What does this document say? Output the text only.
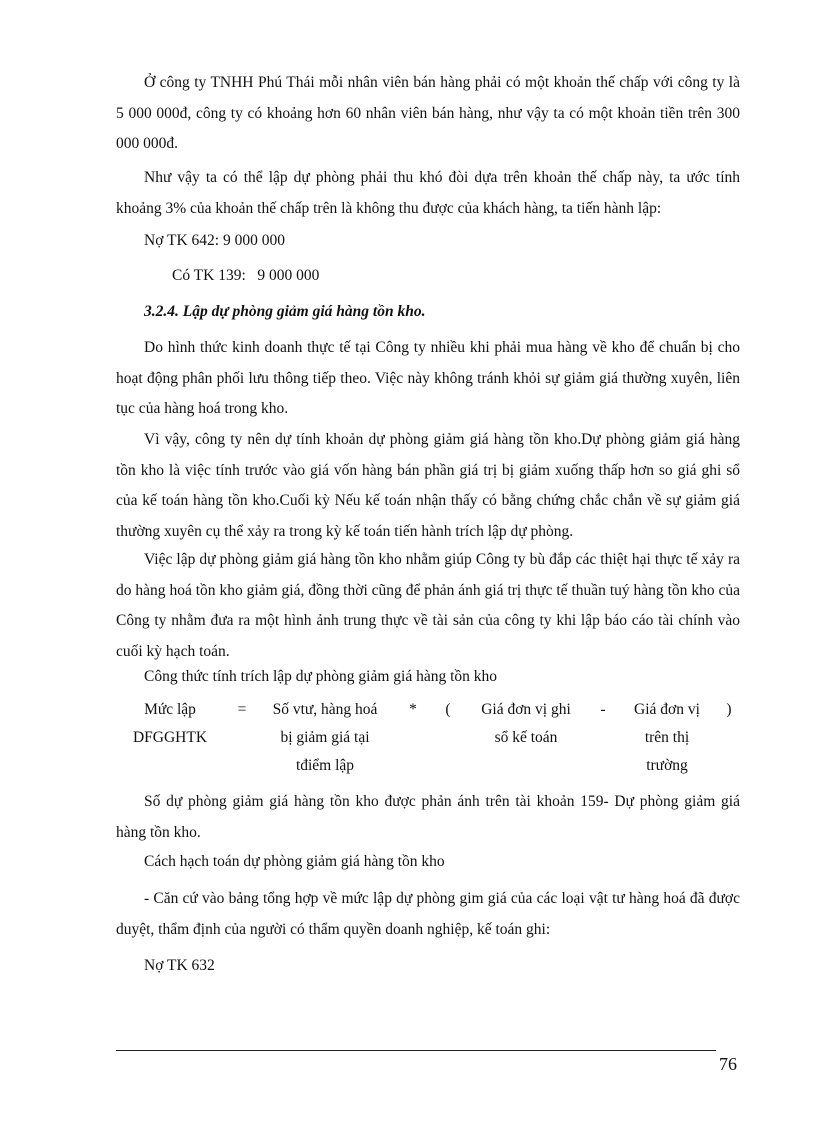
Ở công ty TNHH Phú Thái mỗi nhân viên bán hàng phải có một khoản thế chấp với công ty là 5 000 000đ, công ty có khoảng hơn 60 nhân viên bán hàng, như vậy ta có một khoản tiền trên 300 000 000đ.

Như vậy ta có thể lập dự phòng phải thu khó đòi dựa trên khoản thế chấp này, ta ước tính khoảng 3% của khoản thế chấp trên là không thu được của khách hàng, ta tiến hành lập:

Nợ TK 642: 9 000 000
Có TK 139:   9 000 000
3.2.4. Lập dự phòng giảm giá hàng tồn kho.

Do hình thức kinh doanh thực tế tại Công ty nhiều khi phải mua hàng về kho để chuẩn bị cho hoạt động phân phối lưu thông tiếp theo. Việc này không tránh khỏi sự giảm giá thường xuyên, liên tục của hàng hoá trong kho.

Vì vậy, công ty nên dự tính khoản dự phòng giảm giá hàng tồn kho.Dự phòng giảm giá hàng tồn kho là việc tính trước vào giá vốn hàng bán phần giá trị bị giảm xuống thấp hơn so giá ghi sổ của kế toán hàng tồn kho.Cuối kỳ Nếu kế toán nhận thấy có bằng chứng chắc chắn về sự giảm giá thường xuyên cụ thể xảy ra trong kỳ kế toán tiến hành trích lập dự phòng.

Việc lập dự phòng giảm giá hàng tồn kho nhằm giúp Công ty bù đắp các thiệt hại thực tế xảy ra do hàng hoá tồn kho giảm giá, đồng thời cũng để phản ánh giá trị thực tế thuần tuý hàng tồn kho của Công ty nhằm đưa ra một hình ảnh trung thực về tài sản của công ty khi lập báo cáo tài chính vào cuối kỳ hạch toán.

Công thức tính trích lập dự phòng giảm giá hàng tồn kho
Mức lập
DFGGHTK
=	Số vtư, hàng hoá
bị giảm giá tại
tđiểm lập
* (	Giá đơn vị ghi
sổ kế toán
-	Giá đơn vị
trên thị
trường
)

Số dự phòng giảm giá hàng tồn kho được phản ánh trên tài khoản 159- Dự phòng giảm giá hàng tồn kho.

Cách hạch toán dự phòng giảm giá hàng tồn kho

- Căn cứ vào bảng tổng hợp về mức lập dự phòng gim giá của các loại vật tư hàng hoá đã được duyệt, thẩm định của người có thẩm quyền doanh nghiệp, kế toán ghi:

Nợ TK 632
76
